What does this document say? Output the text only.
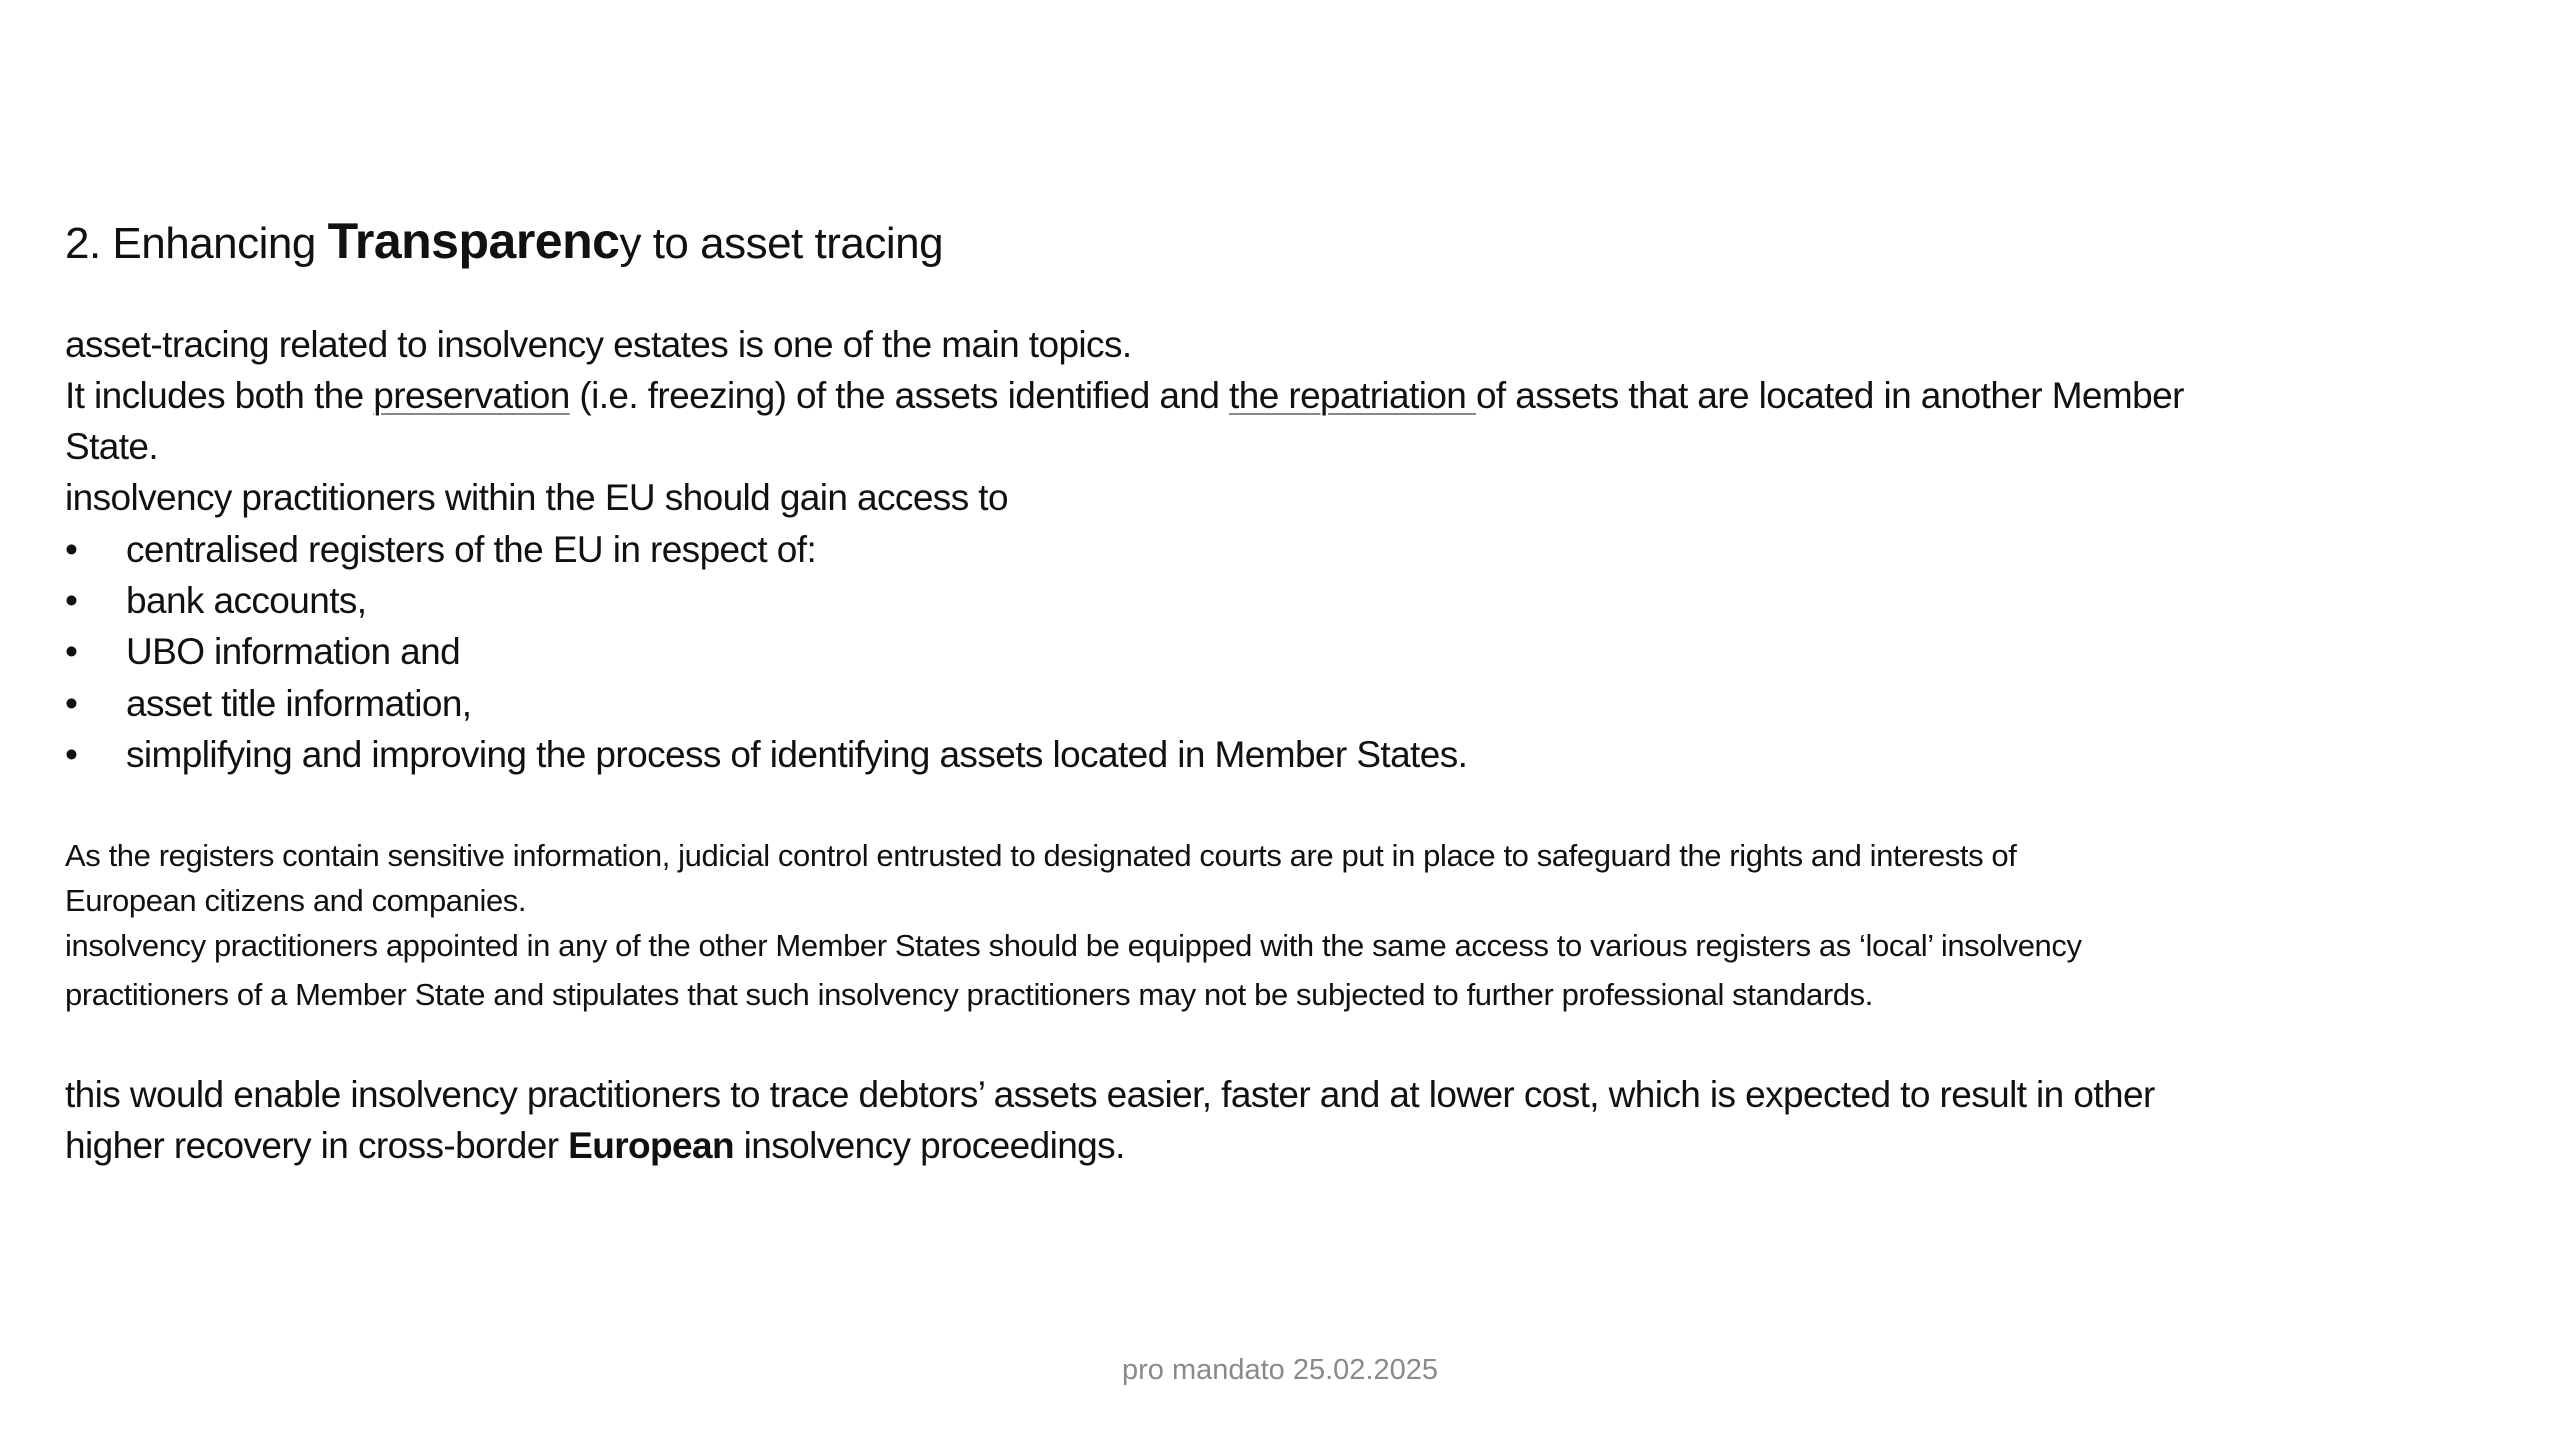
2. Enhancing Transparency to asset tracing
asset-tracing related to insolvency estates is one of the main topics.
It includes both the preservation (i.e. freezing) of the assets identified and the repatriation of assets that are located in another Member
State.
insolvency practitioners within the EU should gain access to
• centralised registers of the EU in respect of:
• bank accounts,
• UBO information and
• asset title information,
• simplifying and improving the process of identifying assets located in Member States.
As the registers contain sensitive information, judicial control entrusted to designated courts are put in place to safeguard the rights and interests of
European citizens and companies.
insolvency practitioners appointed in any of the other Member States should be equipped with the same access to various registers as ‘local’ insolvency
practitioners of a Member State and stipulates that such insolvency practitioners may not be subjected to further professional standards.
this would enable insolvency practitioners to trace debtors’ assets easier, faster and at lower cost, which is expected to result in other
higher recovery in cross-border European insolvency proceedings.
pro mandato 25.02.2025
